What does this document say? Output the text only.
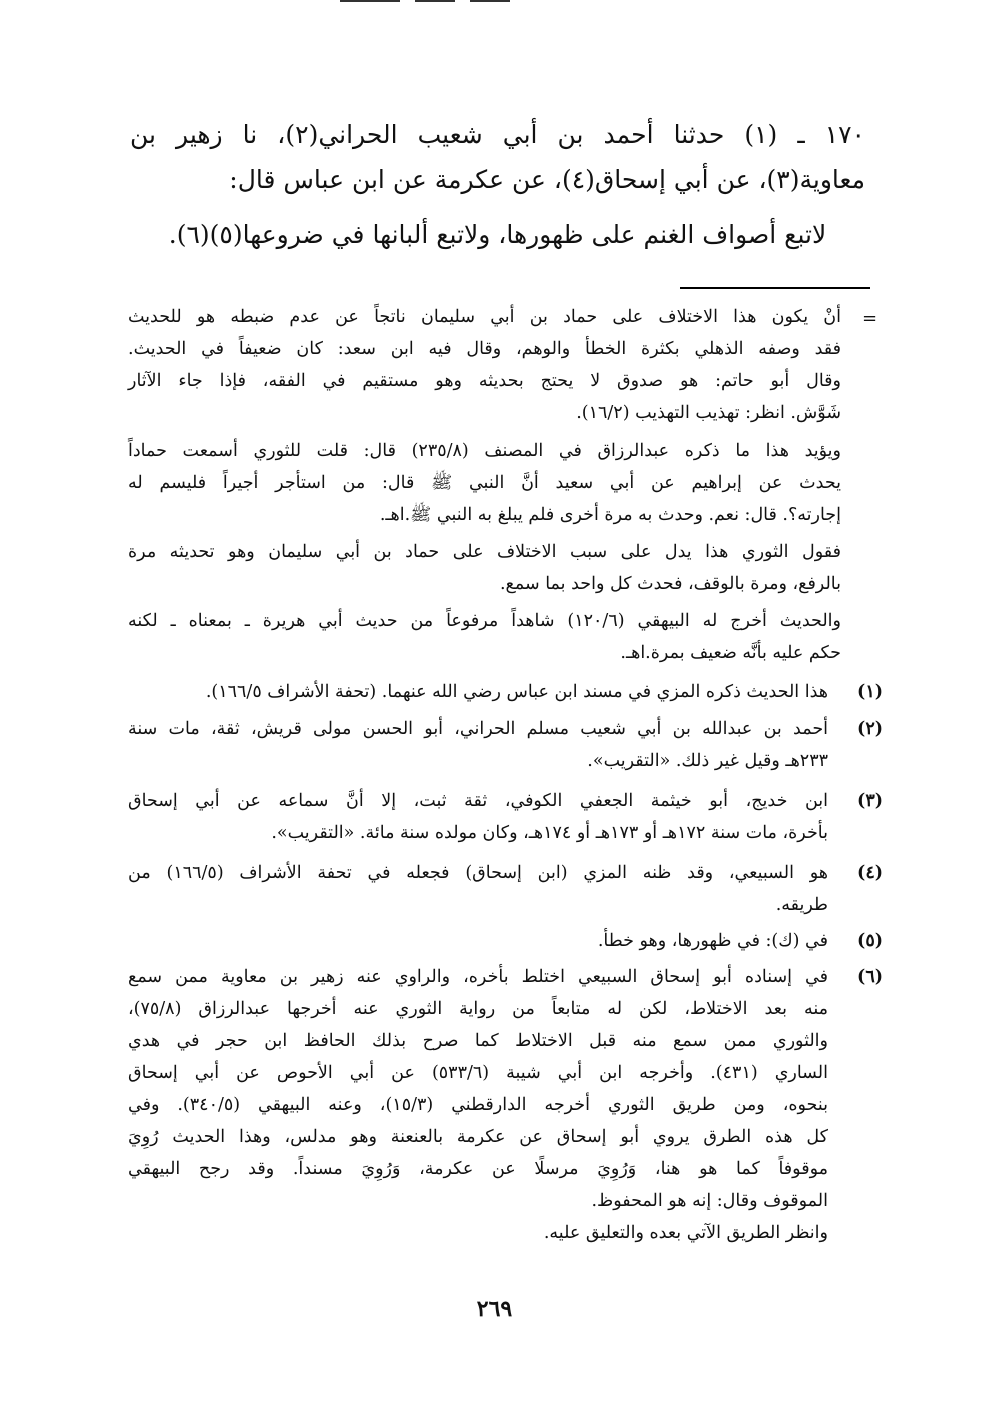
١٧٠ ـ (١) حدثنا أحمد بن أبي شعيب الحراني(٢)، نا زهير بن
معاوية(٣)، عن أبي إسحاق(٤)، عن عكرمة عن ابن عباس قال:
لاتبع أصواف الغنم على ظهورها، ولاتبع ألبانها في ضروعها(٥)(٦).
=
أنْ يكون هذا الاختلاف على حماد بن أبي سليمان ناتجاً عن عدم ضبطه هو للحديث
فقد وصفه الذهلي بكثرة الخطأ والوهم، وقال فيه ابن سعد: كان ضعيفاً في الحديث.
وقال أبو حاتم: هو صدوق لا يحتج بحديثه وهو مستقيم في الفقه، فإذا جاء الآثار
شَوَّش. انظر: تهذيب التهذيب (١٦/٢).
ويؤيد هذا ما ذكره عبدالرزاق في المصنف (٢٣٥/٨) قال: قلت للثوري أسمعت حماداً
يحدث عن إبراهيم عن أبي سعيد أنَّ النبي ﷺ قال: من استأجر أجيراً فليسم له
إجارته؟. قال: نعم. وحدث به مرة أخرى فلم يبلغ به النبي ﷺ.اهـ.
فقول الثوري هذا يدل على سبب الاختلاف على حماد بن أبي سليمان وهو تحديثه مرة
بالرفع، ومرة بالوقف، فحدث كل واحد بما سمع.
والحديث أخرج له البيهقي (١٢٠/٦) شاهداً مرفوعاً من حديث أبي هريرة ـ بمعناه ـ لكنه
حكم عليه بأنَّه ضعيف بمرة.اهـ.
(١)
هذا الحديث ذكره المزي في مسند ابن عباس رضي الله عنهما. (تحفة الأشراف ١٦٦/٥).
(٢)
أحمد بن عبدالله بن أبي شعيب مسلم الحراني، أبو الحسن مولى قريش، ثقة، مات سنة
٢٣٣هـ وقيل غير ذلك. «التقريب».
(٣)
ابن خديج، أبو خيثمة الجعفي الكوفي، ثقة ثبت، إلا أنَّ سماعه عن أبي إسحاق
بأخرة، مات سنة ١٧٢هـ أو ١٧٣هـ أو ١٧٤هـ، وكان مولده سنة مائة. «التقريب».
(٤)
هو السبيعي، وقد ظنه المزي (ابن إسحاق) فجعله في تحفة الأشراف (١٦٦/٥) من
طريقه.
(٥)
في (ك): في ظهورها، وهو خطأ.
(٦)
في إسناده أبو إسحاق السبيعي اختلط بأخره، والراوي عنه زهير بن معاوية ممن سمع
منه بعد الاختلاط، لكن له متابعاً من رواية الثوري عنه أخرجها عبدالرزاق (٧٥/٨)،
والثوري ممن سمع منه قبل الاختلاط كما صرح بذلك الحافظ ابن حجر في هدي
الساري (٤٣١). وأخرجه ابن أبي شيبة (٥٣٣/٦) عن أبي الأحوص عن أبي إسحاق
بنحوه، ومن طريق الثوري أخرجه الدارقطني (١٥/٣)، وعنه البيهقي (٣٤٠/٥). وفي
كل هذه الطرق يروي أبو إسحاق عن عكرمة بالعنعنة وهو مدلس، وهذا الحديث رُوِيَ
موقوفاً كما هو هنا، وَرُوِيَ مرسلًا عن عكرمة، وَرُوِيَ مسنداً. وقد رجح البيهقي
الموقوف وقال: إنه هو المحفوظ.
وانظر الطريق الآتي بعده والتعليق عليه.
٢٦٩
